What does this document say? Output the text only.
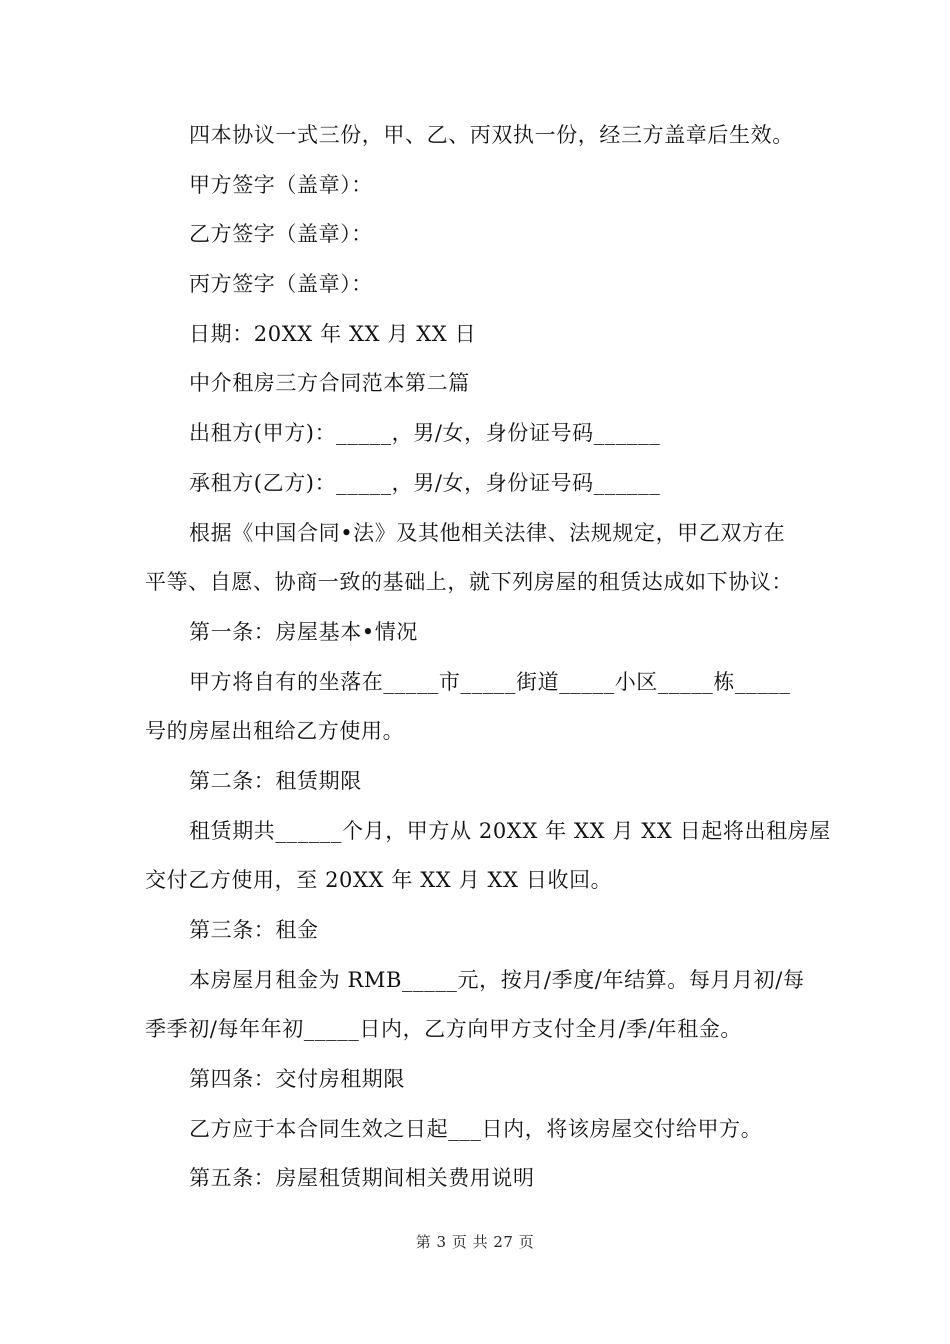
四本协议一式三份，甲、乙、丙双执一份，经三方盖章后生效。
甲方签字（盖章）：
乙方签字（盖章）：
丙方签字（盖章）：
日期：20XX 年 XX 月 XX 日
中介租房三方合同范本第二篇
出租方(甲方)：_____，男/女，身份证号码______
承租方(乙方)：_____，男/女，身份证号码______
根据《中国合同•法》及其他相关法律、法规规定，甲乙双方在
平等、自愿、协商一致的基础上，就下列房屋的租赁达成如下协议：
第一条：房屋基本•情况
甲方将自有的坐落在_____市_____街道_____小区_____栋_____
号的房屋出租给乙方使用。
第二条：租赁期限
租赁期共______个月，甲方从 20XX 年 XX 月 XX 日起将出租房屋
交付乙方使用，至 20XX 年 XX 月 XX 日收回。
第三条：租金
本房屋月租金为 RMB_____元，按月/季度/年结算。每月月初/每
季季初/每年年初_____日内，乙方向甲方支付全月/季/年租金。
第四条：交付房租期限
乙方应于本合同生效之日起___日内，将该房屋交付给甲方。
第五条：房屋租赁期间相关费用说明
第 3 页 共 27 页
